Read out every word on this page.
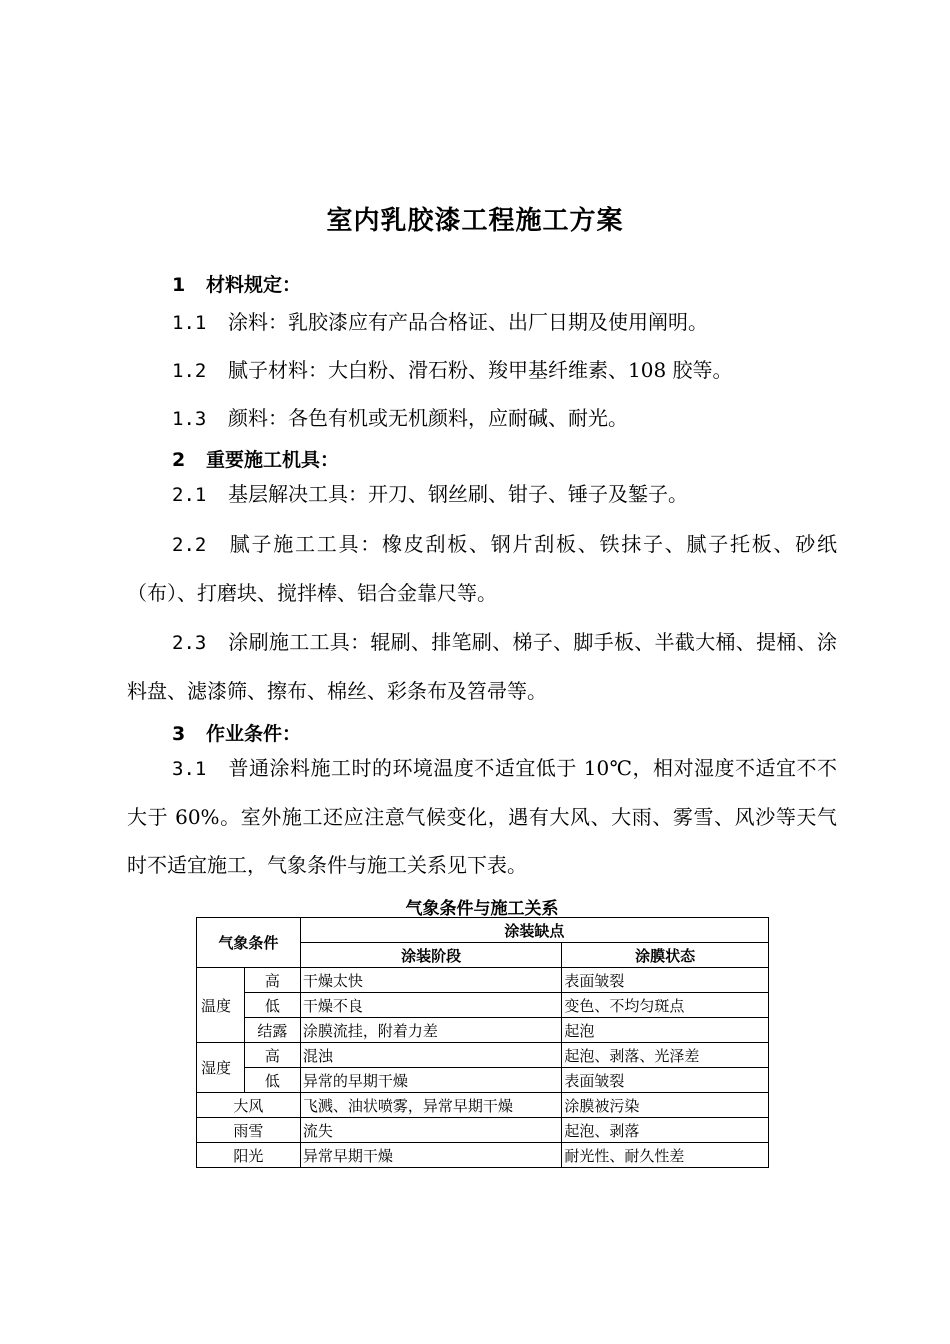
室内乳胶漆工程施工方案
1 材料规定：
1.1 涂料：乳胶漆应有产品合格证、出厂日期及使用阐明。
1.2 腻子材料：大白粉、滑石粉、羧甲基纤维素、108 胶等。
1.3 颜料：各色有机或无机颜料，应耐碱、耐光。
2 重要施工机具：
2.1 基层解决工具：开刀、钢丝刷、钳子、锤子及錾子。
2.2 腻子施工工具：橡皮刮板、钢片刮板、铁抹子、腻子托板、砂纸（布）、打磨块、搅拌棒、铝合金靠尺等。
2.3 涂刷施工工具：辊刷、排笔刷、梯子、脚手板、半截大桶、提桶、涂料盘、滤漆筛、擦布、棉丝、彩条布及笤帚等。
3 作业条件：
3.1 普通涂料施工时的环境温度不适宜低于 10℃，相对湿度不适宜不不大于 60%。室外施工还应注意气候变化，遇有大风、大雨、雾雪、风沙等天气时不适宜施工，气象条件与施工关系见下表。
气象条件与施工关系
气象条件		涂装缺点	
		涂装阶段	涂膜状态
温度	高	干燥太快	表面皱裂
	低	干燥不良	变色、不均匀斑点
	结露	涂膜流挂，附着力差	起泡
湿度	高	混浊	起泡、剥落、光泽差
	低	异常的早期干燥	表面皱裂
大风		飞溅、油状喷雾，异常早期干燥	涂膜被污染
雨雪		流失	起泡、剥落
阳光		异常早期干燥	耐光性、耐久性差
